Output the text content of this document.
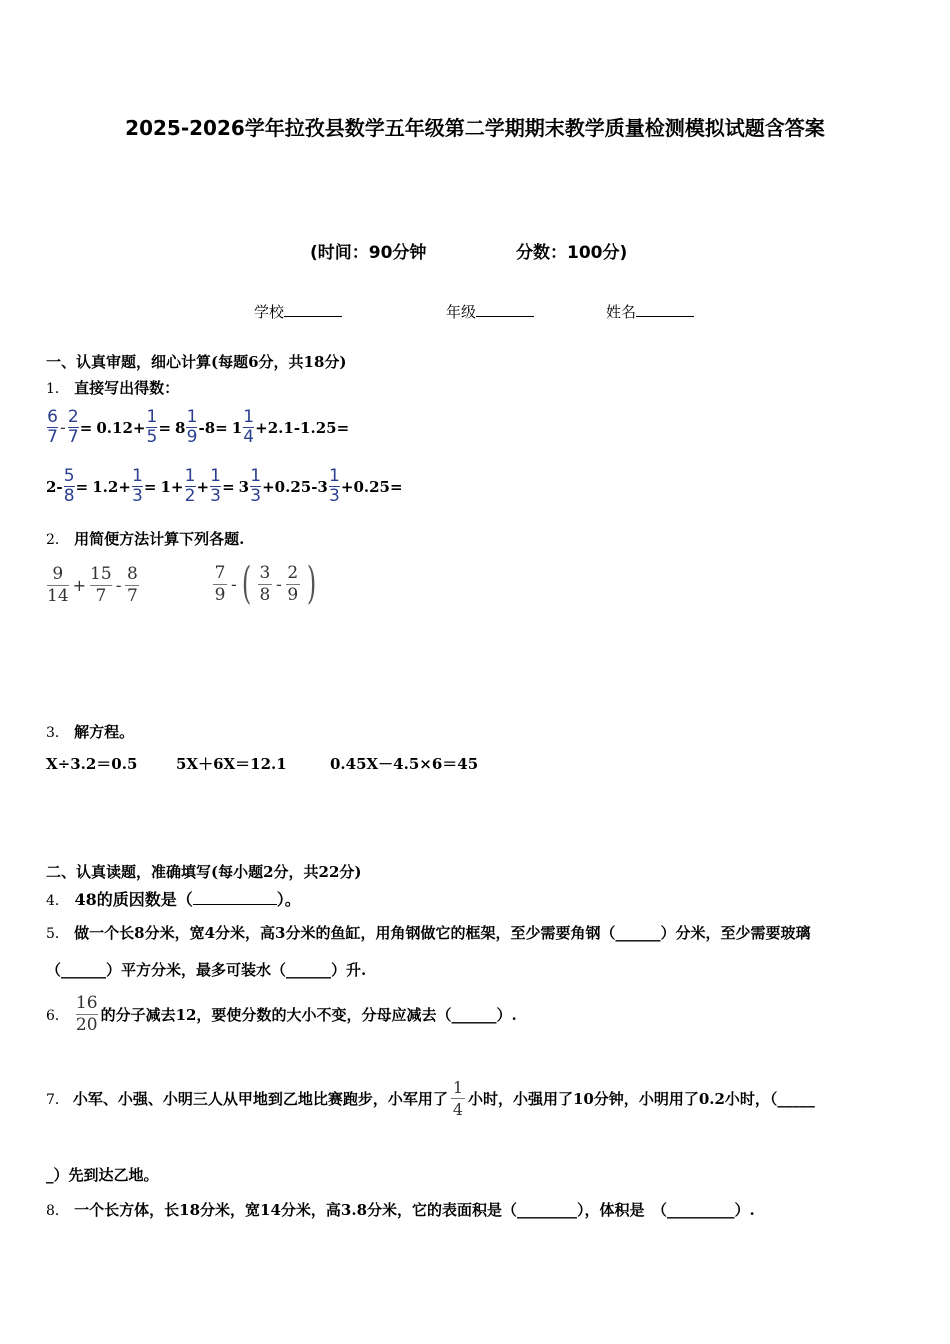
2025-2026学年拉孜县数学五年级第二学期期末教学质量检测模拟试题含答案
(时间：90分钟	分数：100分)
学校	年级	姓名
一、认真审题，细心计算(每题6分，共18分)
1． 直接写出得数：
6
7 -
2
7 = 0.12+
1
5 = 8
1
9 -8= 1
1
4 +2.1-1.25=
2-
5
8 = 1.2+
1
3 = 1+
1
2 +
1
3 = 3
1
3 +0.25-3
1
3 +0.25=
2． 用简便方法计算下列各题.
9
14
+
15
7
-
8
7
7
9
- ( 3
8
-
2
9 )
3． 解方程。
X÷3.2＝0.5	5X＋6X＝12.1	0.45X－4.5×6＝45
二、认真读题，准确填写(每小题2分，共22分)
4． 48的质因数是（	）。
5． 做一个长8分米，宽4分米，高3分米的鱼缸，用角钢做它的框架，至少需要角钢（______）分米，至少需要玻璃
（______）平方分米，最多可装水（______）升.
6．
16
20 的分子减去12，要使分数的大小不变，分母应减去（______）.
7． 小军、小强、小明三人从甲地到乙地比赛跑步，小军用了
1
4
小时，小强用了10分钟，小明用了0.2小时，（_____
_）先到达乙地。
8． 一个长方体，长18分米，宽14分米，高3.8分米，它的表面积是（________），体积是　（_________）.
